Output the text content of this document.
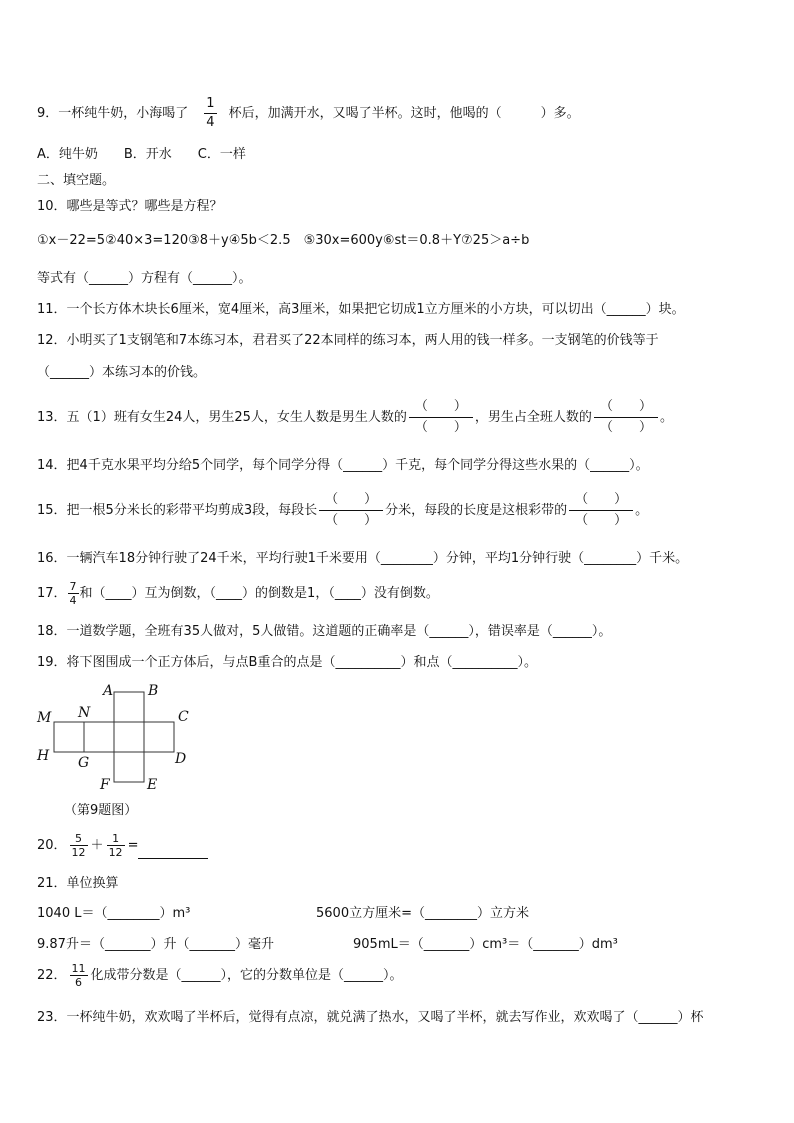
9．一杯纯牛奶，小海喝了 $\frac{1}{4}$ 杯后，加满开水，又喝了半杯。这时，他喝的（　　　）多。
A．纯牛奶　　B．开水　　C．一样
二、填空题。
10．哪些是等式？哪些是方程？
①x－22=5②40×3=120③8＋y④5b＜2.5　⑤30x=600y⑥st＝0.8＋Y⑦25＞a÷b
等式有（______）方程有（______）。
11．一个长方体木块长6厘米，宽4厘米，高3厘米，如果把它切成1立方厘米的小方块，可以切出（______）块。
12．小明买了1支钢笔和7本练习本，君君买了22本同样的练习本，两人用的钱一样多。一支钢笔的价钱等于
（______）本练习本的价钱。
13．五（1）班有女生24人，男生25人，女生人数是男生人数的
（　　）
（　　）
，男生占全班人数的
（　　）
（　　）
。
14．把4千克水果平均分给5个同学，每个同学分得（______）千克，每个同学分得这些水果的（______）。
15．把一根5分米长的彩带平均剪成3段，每段长
（　　）
（　　）
分米，每段的长度是这根彩带的
（　　）
（　　）
。
16．一辆汽车18分钟行驶了24千米，平均行驶1千米要用（________）分钟，平均1分钟行驶（________）千米。
17． $\frac{7}{4}$ 和（____）互为倒数，（____）的倒数是1，（____）没有倒数。
18．一道数学题，全班有35人做对，5人做错。这道题的正确率是（______），错误率是（______）。
19．将下图围成一个正方体后，与点B重合的点是（__________）和点（__________）。
A B
C
D
E
F
G
H
M N
（第9题图）
20． $\frac{5}{12} + \frac{1}{12}$ =
21．单位换算
1040 L＝（________）m³	5600立方厘米=（________）立方米
9.87升＝（_______）升（_______）毫升	905mL＝（_______）cm³＝（_______）dm³
22． $\frac{11}{6}$ 化成带分数是（______），它的分数单位是（______）。
23．一杯纯牛奶，欢欢喝了半杯后，觉得有点凉，就兑满了热水，又喝了半杯，就去写作业，欢欢喝了（______）杯
